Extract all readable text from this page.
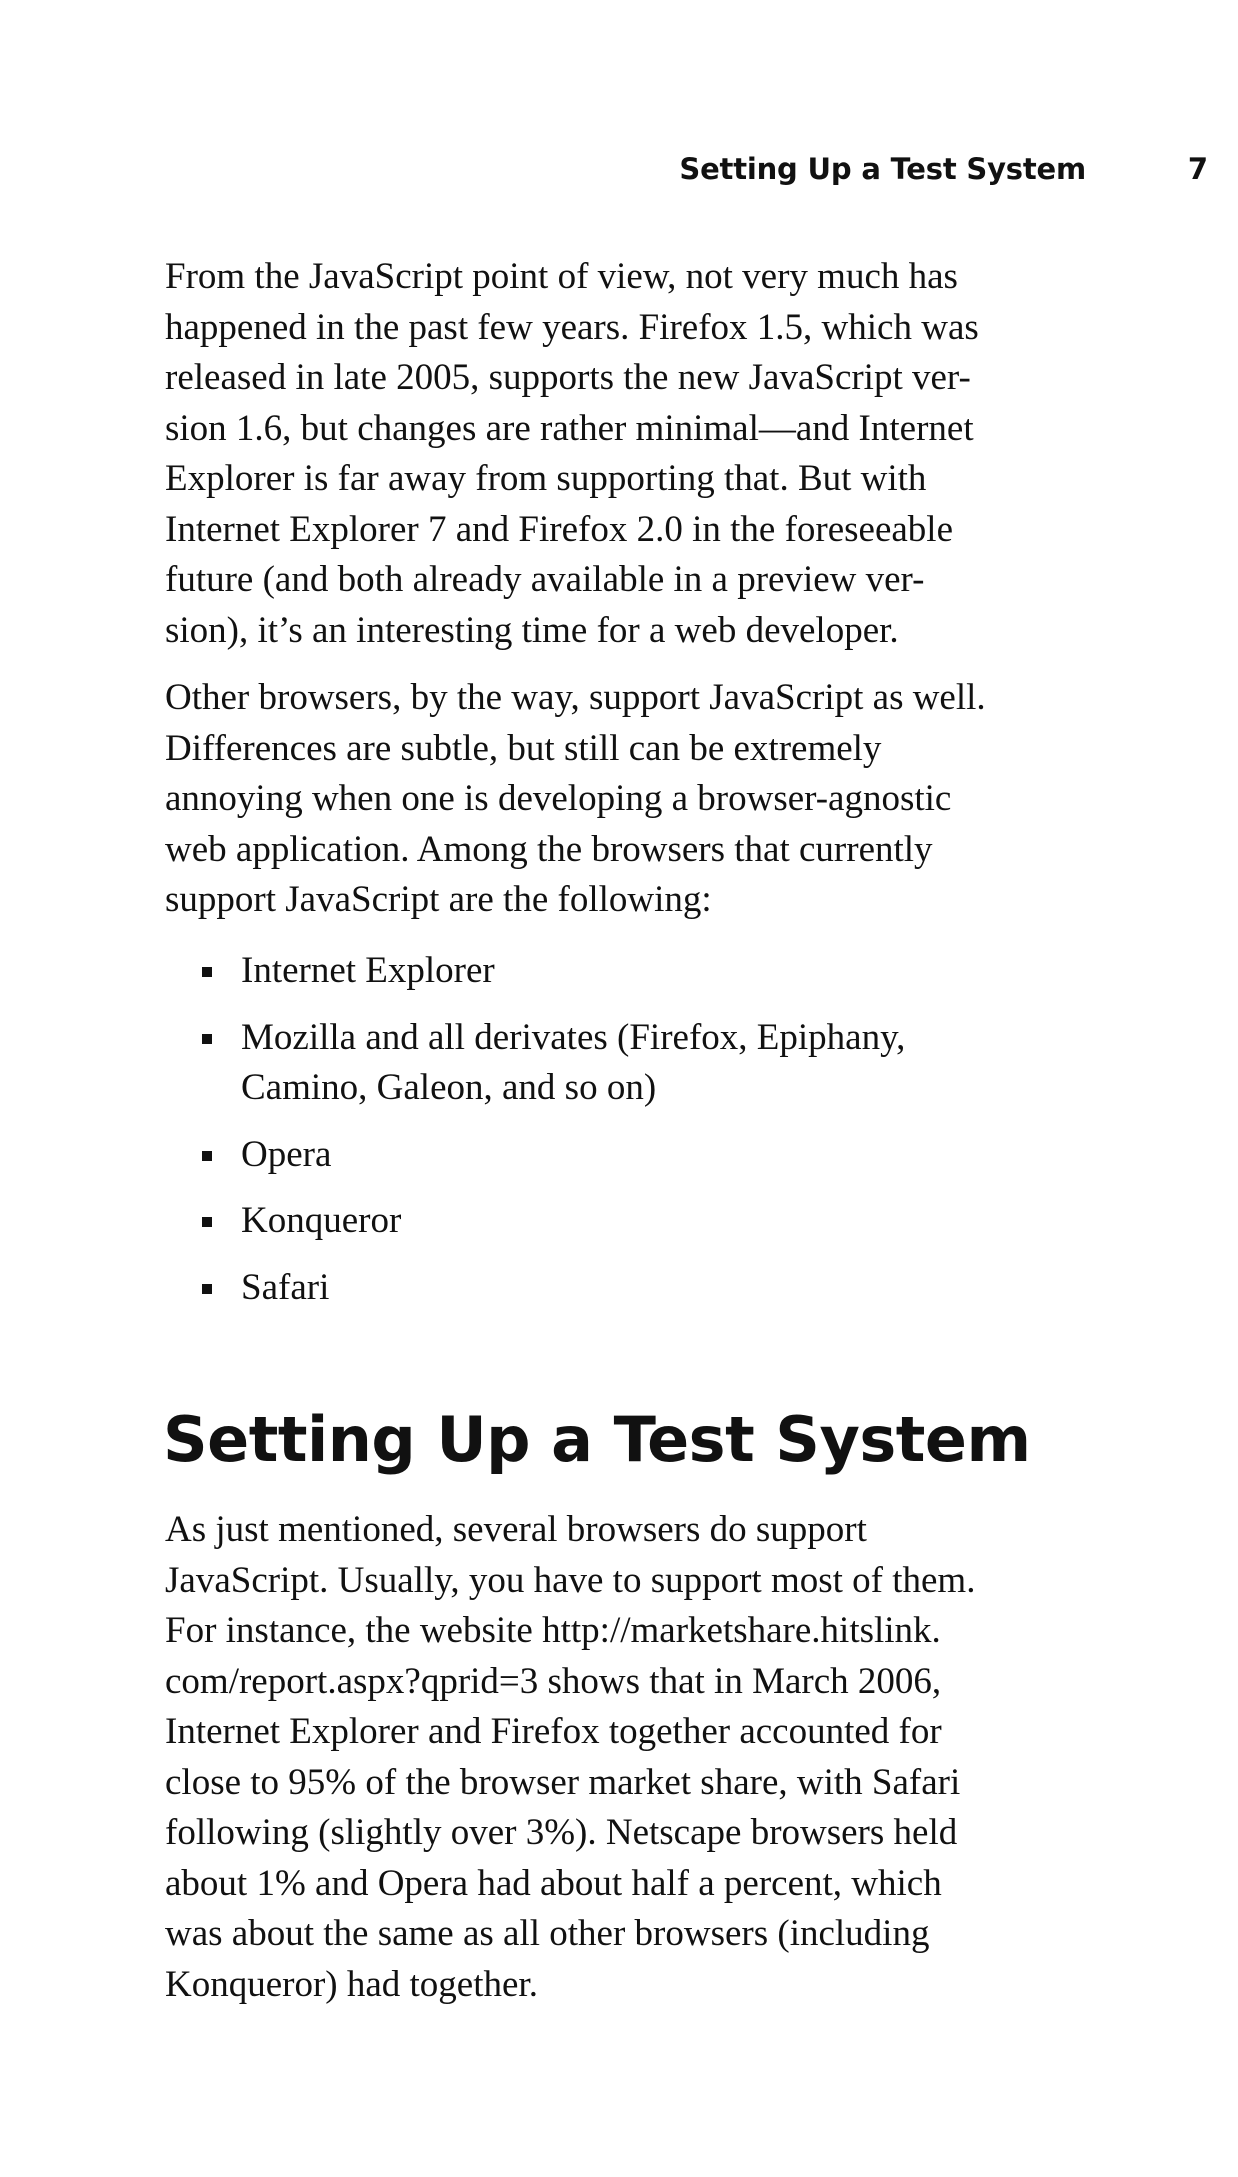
Setting Up a Test System	7

From the JavaScript point of view, not very much has
happened in the past few years. Firefox 1.5, which was
released in late 2005, supports the new JavaScript ver-
sion 1.6, but changes are rather minimal—and Internet
Explorer is far away from supporting that. But with
Internet Explorer 7 and Firefox 2.0 in the foreseeable
future (and both already available in a preview ver-
sion), it’s an interesting time for a web developer.

Other browsers, by the way, support JavaScript as well.
Differences are subtle, but still can be extremely
annoying when one is developing a browser-agnostic
web application. Among the browsers that currently
support JavaScript are the following:

Internet Explorer
Mozilla and all derivates (Firefox, Epiphany,
Camino, Galeon, and so on)
Opera
Konqueror
Safari
Setting Up a Test System

As just mentioned, several browsers do support
JavaScript. Usually, you have to support most of them.
For instance, the website http://marketshare.hitslink.
com/report.aspx?qprid=3 shows that in March 2006,
Internet Explorer and Firefox together accounted for
close to 95% of the browser market share, with Safari
following (slightly over 3%). Netscape browsers held
about 1% and Opera had about half a percent, which
was about the same as all other browsers (including
Konqueror) had together.
